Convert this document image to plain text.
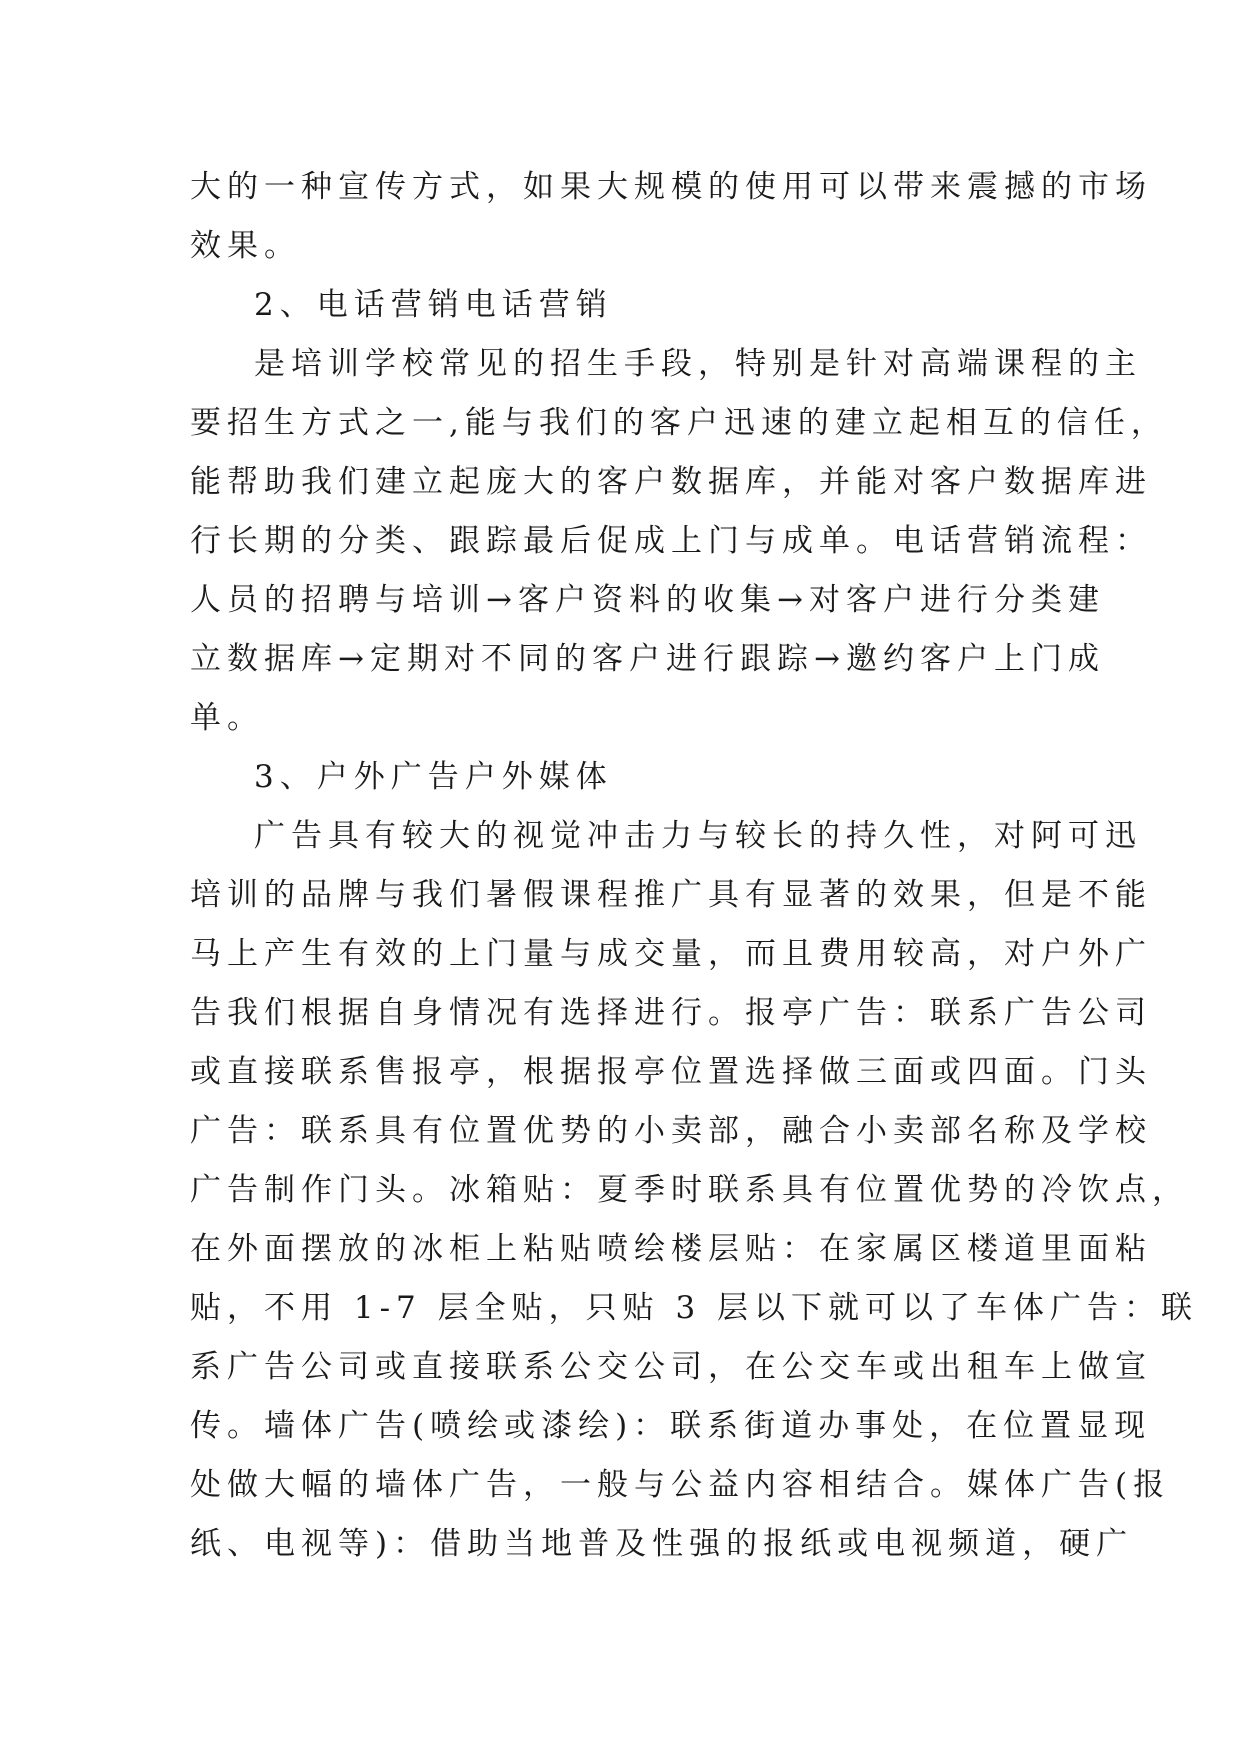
大的一种宣传方式，如果大规模的使用可以带来震撼的市场
效果。
2、电话营销电话营销
是培训学校常见的招生手段，特别是针对高端课程的主
要招生方式之一,能与我们的客户迅速的建立起相互的信任，
能帮助我们建立起庞大的客户数据库，并能对客户数据库进
行长期的分类、跟踪最后促成上门与成单。电话营销流程：
人员的招聘与培训→客户资料的收集→对客户进行分类建
立数据库→定期对不同的客户进行跟踪→邀约客户上门成
单。
3、户外广告户外媒体
广告具有较大的视觉冲击力与较长的持久性，对阿可迅
培训的品牌与我们暑假课程推广具有显著的效果，但是不能
马上产生有效的上门量与成交量，而且费用较高，对户外广
告我们根据自身情况有选择进行。报亭广告：联系广告公司
或直接联系售报亭，根据报亭位置选择做三面或四面。门头
广告：联系具有位置优势的小卖部，融合小卖部名称及学校
广告制作门头。冰箱贴：夏季时联系具有位置优势的冷饮点，
在外面摆放的冰柜上粘贴喷绘楼层贴：在家属区楼道里面粘
贴，不用 1-7 层全贴，只贴 3 层以下就可以了车体广告：联
系广告公司或直接联系公交公司，在公交车或出租车上做宣
传。墙体广告(喷绘或漆绘)：联系街道办事处，在位置显现
处做大幅的墙体广告，一般与公益内容相结合。媒体广告(报
纸、电视等)：借助当地普及性强的报纸或电视频道，硬广
